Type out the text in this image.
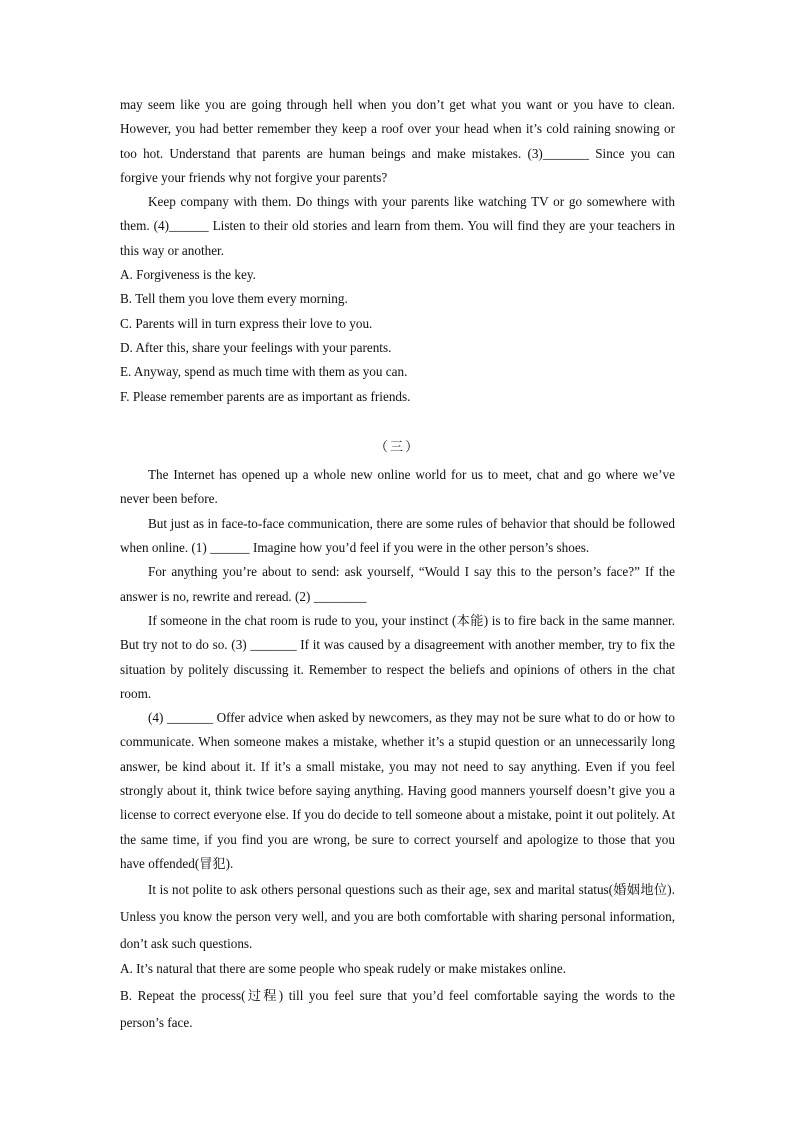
may seem like you are going through hell when you don’t get what you want or you have to clean. However, you had better remember they keep a roof over your head when it’s cold raining snowing or too hot. Understand that parents are human beings and make mistakes. (3)_______ Since you can forgive your friends why not forgive your parents?

Keep company with them. Do things with your parents like watching TV or go somewhere with them. (4)______ Listen to their old stories and learn from them. You will find they are your teachers in this way or another.

A. Forgiveness is the key.

B. Tell them you love them every morning.

C. Parents will in turn express their love to you.

D. After this, share your feelings with your parents.

E. Anyway, spend as much time with them as you can.

F. Please remember parents are as important as friends.

（三）

The Internet has opened up a whole new online world for us to meet, chat and go where we’ve never been before.

But just as in face-to-face communication, there are some rules of behavior that should be followed when online. (1) ______ Imagine how you’d feel if you were in the other person’s shoes.

For anything you’re about to send: ask yourself, “Would I say this to the person’s face?” If the answer is no, rewrite and reread. (2) ________

If someone in the chat room is rude to you, your instinct (本能) is to fire back in the same manner. But try not to do so. (3) _______ If it was caused by a disagreement with another member, try to fix the situation by politely discussing it. Remember to respect the beliefs and opinions of others in the chat room.

(4) _______ Offer advice when asked by newcomers, as they may not be sure what to do or how to communicate. When someone makes a mistake, whether it’s a stupid question or an unnecessarily long answer, be kind about it. If it’s a small mistake, you may not need to say anything. Even if you feel strongly about it, think twice before saying anything. Having good manners yourself doesn’t give you a license to correct everyone else. If you do decide to tell someone about a mistake, point it out politely. At the same time, if you find you are wrong, be sure to correct yourself and apologize to those that you have offended(冒犯).

It is not polite to ask others personal questions such as their age, sex and marital status(婚姻地位). Unless you know the person very well, and you are both comfortable with sharing personal information, don’t ask such questions.

A. It’s natural that there are some people who speak rudely or make mistakes online.

B. Repeat the process(过程) till you feel sure that you’d feel comfortable saying the words to the person’s face.
